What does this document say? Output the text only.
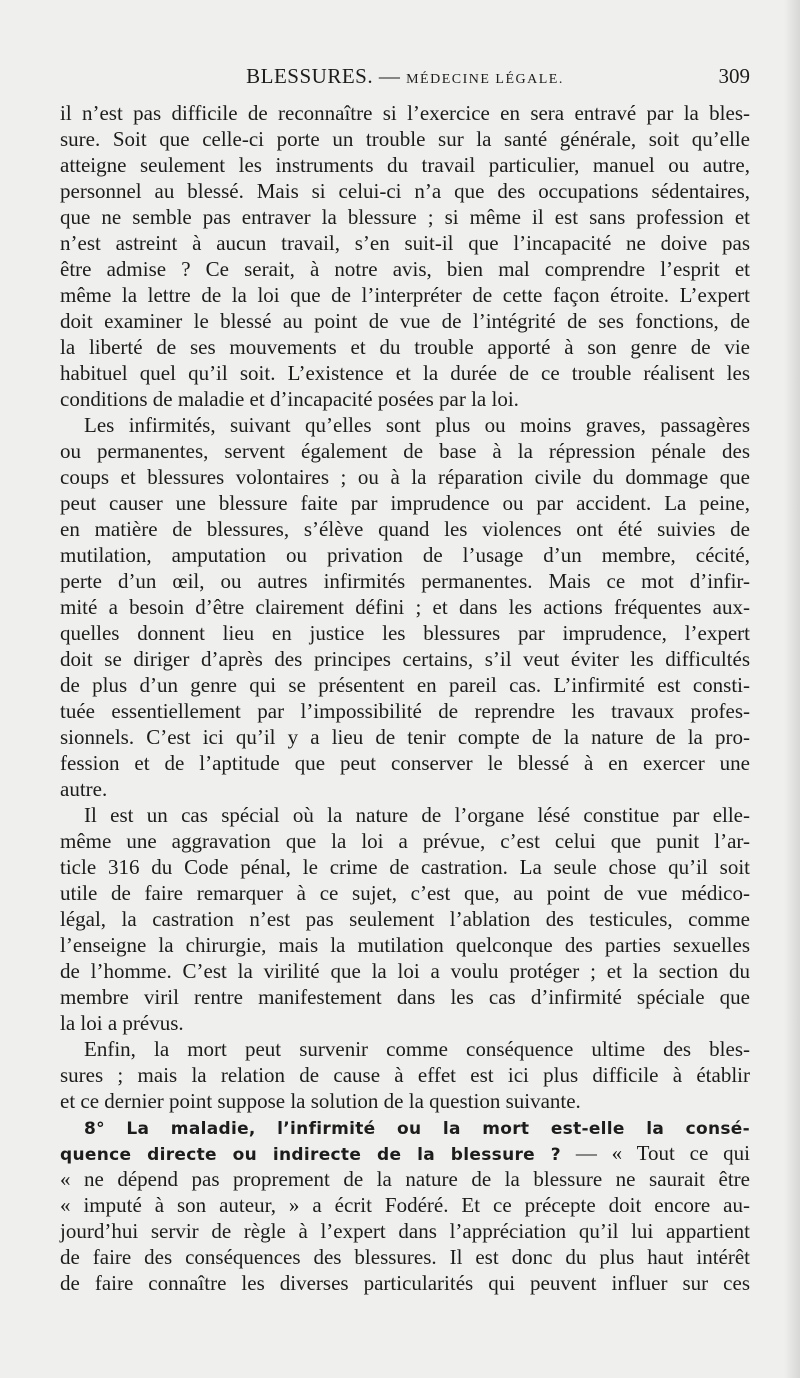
BLESSURES. — MÉDECINE LÉGALE.	309

il n’est pas difficile de reconnaître si l’exercice en sera entravé par la bles-

sure. Soit que celle-ci porte un trouble sur la santé générale, soit qu’elle

atteigne seulement les instruments du travail particulier, manuel ou autre,

personnel au blessé. Mais si celui-ci n’a que des occupations sédentaires,

que ne semble pas entraver la blessure ; si même il est sans profession et

n’est astreint à aucun travail, s’en suit-il que l’incapacité ne doive pas

être admise ? Ce serait, à notre avis, bien mal comprendre l’esprit et

même la lettre de la loi que de l’interpréter de cette façon étroite. L’expert

doit examiner le blessé au point de vue de l’intégrité de ses fonctions, de

la liberté de ses mouvements et du trouble apporté à son genre de vie

habituel quel qu’il soit. L’existence et la durée de ce trouble réalisent les

conditions de maladie et d’incapacité posées par la loi.

Les infirmités, suivant qu’elles sont plus ou moins graves, passagères

ou permanentes, servent également de base à la répression pénale des

coups et blessures volontaires ; ou à la réparation civile du dommage que

peut causer une blessure faite par imprudence ou par accident. La peine,

en matière de blessures, s’élève quand les violences ont été suivies de

mutilation, amputation ou privation de l’usage d’un membre, cécité,

perte d’un œil, ou autres infirmités permanentes. Mais ce mot d’infir-

mité a besoin d’être clairement défini ; et dans les actions fréquentes aux-

quelles donnent lieu en justice les blessures par imprudence, l’expert

doit se diriger d’après des principes certains, s’il veut éviter les difficultés

de plus d’un genre qui se présentent en pareil cas. L’infirmité est consti-

tuée essentiellement par l’impossibilité de reprendre les travaux profes-

sionnels. C’est ici qu’il y a lieu de tenir compte de la nature de la pro-

fession et de l’aptitude que peut conserver le blessé à en exercer une

autre.

Il est un cas spécial où la nature de l’organe lésé constitue par elle-

même une aggravation que la loi a prévue, c’est celui que punit l’ar-

ticle 316 du Code pénal, le crime de castration. La seule chose qu’il soit

utile de faire remarquer à ce sujet, c’est que, au point de vue médico-

légal, la castration n’est pas seulement l’ablation des testicules, comme

l’enseigne la chirurgie, mais la mutilation quelconque des parties sexuelles

de l’homme. C’est la virilité que la loi a voulu protéger ; et la section du

membre viril rentre manifestement dans les cas d’infirmité spéciale que

la loi a prévus.

Enfin, la mort peut survenir comme conséquence ultime des bles-

sures ; mais la relation de cause à effet est ici plus difficile à établir

et ce dernier point suppose la solution de la question suivante.

8° La maladie, l’infirmité ou la mort est-elle la consé-

quence directe ou indirecte de la blessure ? — « Tout ce qui

« ne dépend pas proprement de la nature de la blessure ne saurait être

« imputé à son auteur, » a écrit Fodéré. Et ce précepte doit encore au-

jourd’hui servir de règle à l’expert dans l’appréciation qu’il lui appartient

de faire des conséquences des blessures. Il est donc du plus haut intérêt

de faire connaître les diverses particularités qui peuvent influer sur ces
